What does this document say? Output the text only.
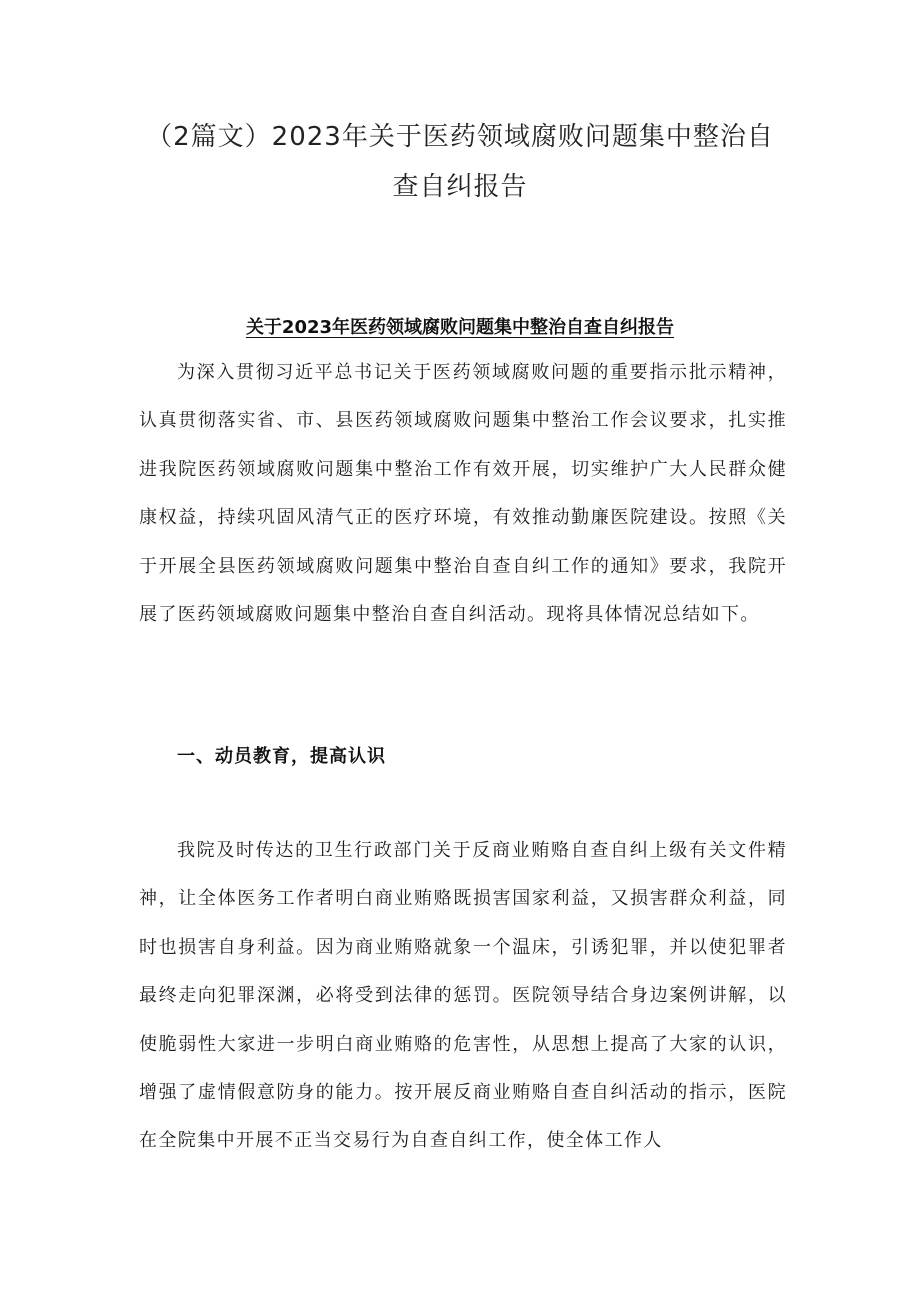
（2篇文）2023年关于医药领域腐败问题集中整治自
查自纠报告
关于2023年医药领域腐败问题集中整治自查自纠报告

为深入贯彻习近平总书记关于医药领域腐败问题的重要指示批示精神，认真贯彻落实省、市、县医药领域腐败问题集中整治工作会议要求，扎实推进我院医药领域腐败问题集中整治工作有效开展，切实维护广大人民群众健康权益，持续巩固风清气正的医疗环境，有效推动勤廉医院建设。按照《关于开展全县医药领域腐败问题集中整治自查自纠工作的通知》要求，我院开展了医药领域腐败问题集中整治自查自纠活动。现将具体情况总结如下。

一、动员教育，提高认识

我院及时传达的卫生行政部门关于反商业贿赂自查自纠上级有关文件精神，让全体医务工作者明白商业贿赂既损害国家利益，又损害群众利益，同时也损害自身利益。因为商业贿赂就象一个温床，引诱犯罪，并以使犯罪者最终走向犯罪深渊，必将受到法律的惩罚。医院领导结合身边案例讲解，以使脆弱性大家进一步明白商业贿赂的危害性，从思想上提高了大家的认识，增强了虚情假意防身的能力。按开展反商业贿赂自查自纠活动的指示，医院在全院集中开展不正当交易行为自查自纠工作，使全体工作人
